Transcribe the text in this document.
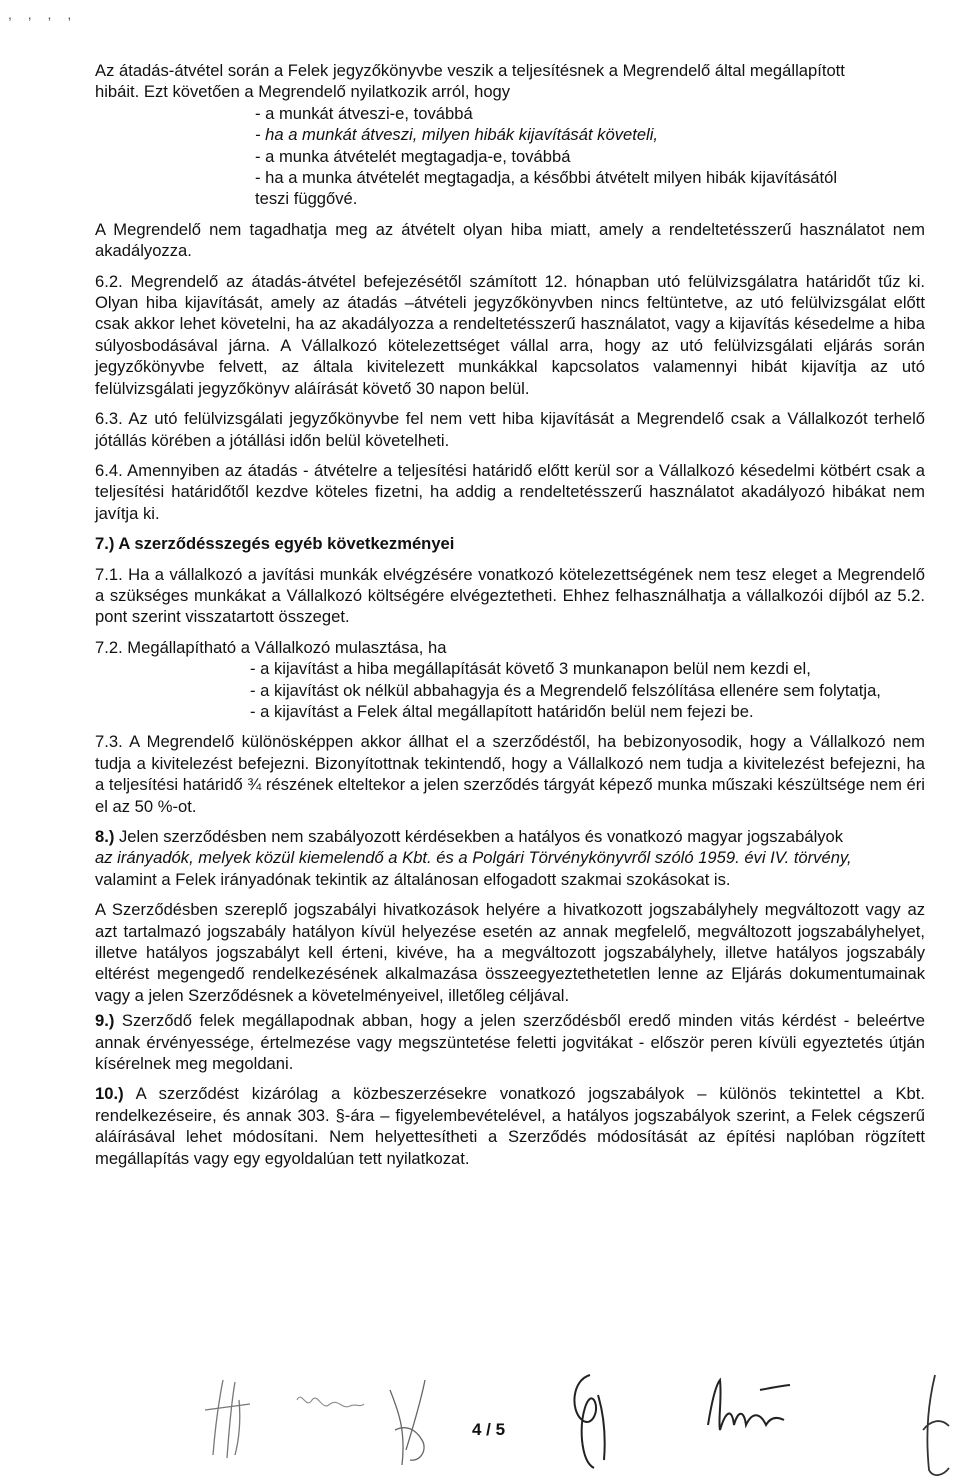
, , , ,

Az átadás-átvétel során a Felek jegyzőkönyvbe veszik a teljesítésnek a Megrendelő által megállapított

hibáit. Ezt követően a Megrendelő nyilatkozik arról, hogy

- a munkát átveszi-e, továbbá

- ha a munkát átveszi, milyen hibák kijavítását követeli,

- a munka átvételét megtagadja-e, továbbá

- ha a munka átvételét megtagadja, a későbbi átvételt milyen hibák kijavításától

teszi függővé.

A Megrendelő nem tagadhatja meg az átvételt olyan hiba miatt, amely a rendeltetésszerű használatot nem akadályozza.

6.2. Megrendelő az átadás-átvétel befejezésétől számított 12. hónapban utó felülvizsgálatra határidőt tűz ki. Olyan hiba kijavítását, amely az átadás –átvételi jegyzőkönyvben nincs feltüntetve, az utó felülvizsgálat előtt csak akkor lehet követelni, ha az akadályozza a rendeltetésszerű használatot, vagy a kijavítás késedelme a hiba súlyosbodásával járna. A Vállalkozó kötelezettséget vállal arra, hogy az utó felülvizsgálati eljárás során jegyzőkönyvbe felvett, az általa kivitelezett munkákkal kapcsolatos valamennyi hibát kijavítja az utó felülvizsgálati jegyzőkönyv aláírását követő 30 napon belül.

6.3. Az utó felülvizsgálati jegyzőkönyvbe fel nem vett hiba kijavítását a Megrendelő csak a Vállalkozót terhelő jótállás körében a jótállási időn belül követelheti.

6.4. Amennyiben az átadás - átvételre a teljesítési határidő előtt kerül sor a Vállalkozó késedelmi kötbért csak a teljesítési határidőtől kezdve köteles fizetni, ha addig a rendeltetésszerű használatot akadályozó hibákat nem javítja ki.

7.) A szerződésszegés egyéb következményei

7.1. Ha a vállalkozó a javítási munkák elvégzésére vonatkozó kötelezettségének nem tesz eleget a Megrendelő a szükséges munkákat a Vállalkozó költségére elvégeztetheti. Ehhez felhasználhatja a vállalkozói díjból az 5.2. pont szerint visszatartott összeget.

7.2. Megállapítható a Vállalkozó mulasztása, ha

- a kijavítást a hiba megállapítását követő 3 munkanapon belül nem kezdi el,

- a kijavítást ok nélkül abbahagyja és a Megrendelő felszólítása ellenére sem folytatja,

- a kijavítást a Felek által megállapított határidőn belül nem fejezi be.

7.3. A Megrendelő különösképpen akkor állhat el a szerződéstől, ha bebizonyosodik, hogy a Vállalkozó nem tudja a kivitelezést befejezni. Bizonyítottnak tekintendő, hogy a Vállalkozó nem tudja a kivitelezést befejezni, ha a teljesítési határidő ¾ részének elteltekor a jelen szerződés tárgyát képező munka műszaki készültsége nem éri el az 50 %-ot.

8.) Jelen szerződésben nem szabályozott kérdésekben a hatályos és vonatkozó magyar jogszabályok

az irányadók, melyek közül kiemelendő a Kbt. és a Polgári Törvénykönyvről szóló 1959. évi IV. törvény,

valamint a Felek irányadónak tekintik az általánosan elfogadott szakmai szokásokat is.

A Szerződésben szereplő jogszabályi hivatkozások helyére a hivatkozott jogszabályhely megváltozott vagy az azt tartalmazó jogszabály hatályon kívül helyezése esetén az annak megfelelő, megváltozott jogszabályhelyet, illetve hatályos jogszabályt kell érteni, kivéve, ha a megváltozott jogszabályhely, illetve hatályos jogszabály eltérést megengedő rendelkezésének alkalmazása összeegyeztethetetlen lenne az Eljárás dokumentumainak vagy a jelen Szerződésnek a követelményeivel, illetőleg céljával.

9.) Szerződő felek megállapodnak abban, hogy a jelen szerződésből eredő minden vitás kérdést - beleértve annak érvényessége, értelmezése vagy megszüntetése feletti jogvitákat - először peren kívüli egyeztetés útján kísérelnek meg megoldani.

10.) A szerződést kizárólag a közbeszerzésekre vonatkozó jogszabályok – különös tekintettel a Kbt. rendelkezéseire, és annak 303. §-ára – figyelembevételével, a hatályos jogszabályok szerint, a Felek cégszerű aláírásával lehet módosítani. Nem helyettesítheti a Szerződés módosítását az építési naplóban rögzített megállapítás vagy egy egyoldalúan tett nyilatkozat.

4 / 5
